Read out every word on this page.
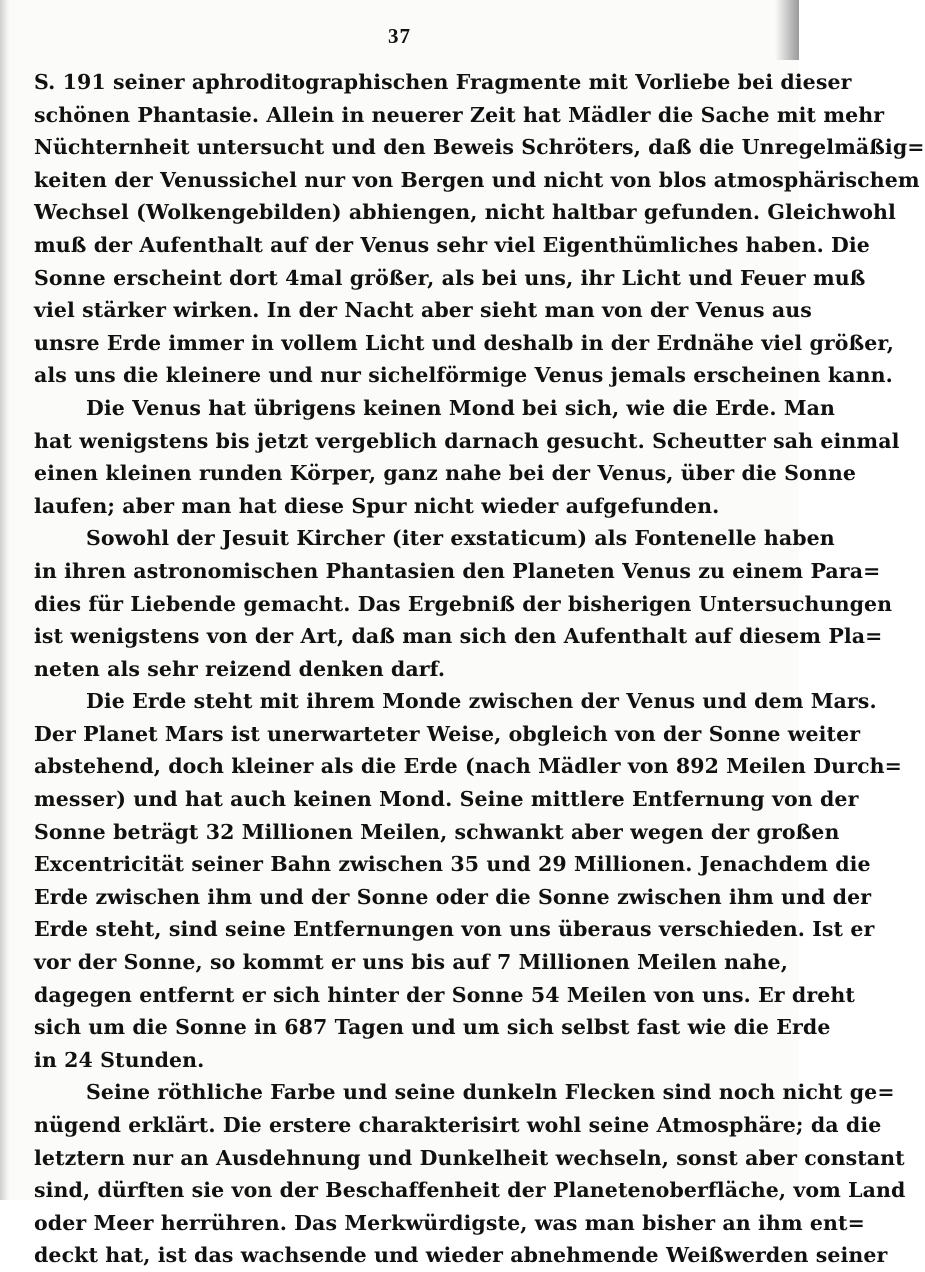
37
S. 191 seiner aphroditographischen Fragmente mit Vorliebe bei dieser
schönen Phantasie. Allein in neuerer Zeit hat Mädler die Sache mit mehr
Nüchternheit untersucht und den Beweis Schröters, daß die Unregelmäßig=
keiten der Venussichel nur von Bergen und nicht von blos atmosphärischem
Wechsel (Wolkengebilden) abhiengen, nicht haltbar gefunden. Gleichwohl
muß der Aufenthalt auf der Venus sehr viel Eigenthümliches haben. Die
Sonne erscheint dort 4mal größer, als bei uns, ihr Licht und Feuer muß
viel stärker wirken. In der Nacht aber sieht man von der Venus aus
unsre Erde immer in vollem Licht und deshalb in der Erdnähe viel größer,
als uns die kleinere und nur sichelförmige Venus jemals erscheinen kann.
Die Venus hat übrigens keinen Mond bei sich, wie die Erde. Man
hat wenigstens bis jetzt vergeblich darnach gesucht. Scheutter sah einmal
einen kleinen runden Körper, ganz nahe bei der Venus, über die Sonne
laufen; aber man hat diese Spur nicht wieder aufgefunden.
Sowohl der Jesuit Kircher (iter exstaticum) als Fontenelle haben
in ihren astronomischen Phantasien den Planeten Venus zu einem Para=
dies für Liebende gemacht. Das Ergebniß der bisherigen Untersuchungen
ist wenigstens von der Art, daß man sich den Aufenthalt auf diesem Pla=
neten als sehr reizend denken darf.
Die Erde steht mit ihrem Monde zwischen der Venus und dem Mars.
Der Planet Mars ist unerwarteter Weise, obgleich von der Sonne weiter
abstehend, doch kleiner als die Erde (nach Mädler von 892 Meilen Durch=
messer) und hat auch keinen Mond. Seine mittlere Entfernung von der
Sonne beträgt 32 Millionen Meilen, schwankt aber wegen der großen
Excentricität seiner Bahn zwischen 35 und 29 Millionen. Jenachdem die
Erde zwischen ihm und der Sonne oder die Sonne zwischen ihm und der
Erde steht, sind seine Entfernungen von uns überaus verschieden. Ist er
vor der Sonne, so kommt er uns bis auf 7 Millionen Meilen nahe,
dagegen entfernt er sich hinter der Sonne 54 Meilen von uns. Er dreht
sich um die Sonne in 687 Tagen und um sich selbst fast wie die Erde
in 24 Stunden.
Seine röthliche Farbe und seine dunkeln Flecken sind noch nicht ge=
nügend erklärt. Die erstere charakterisirt wohl seine Atmosphäre; da die
letztern nur an Ausdehnung und Dunkelheit wechseln, sonst aber constant
sind, dürften sie von der Beschaffenheit der Planetenoberfläche, vom Land
oder Meer herrühren. Das Merkwürdigste, was man bisher an ihm ent=
deckt hat, ist das wachsende und wieder abnehmende Weißwerden seiner
